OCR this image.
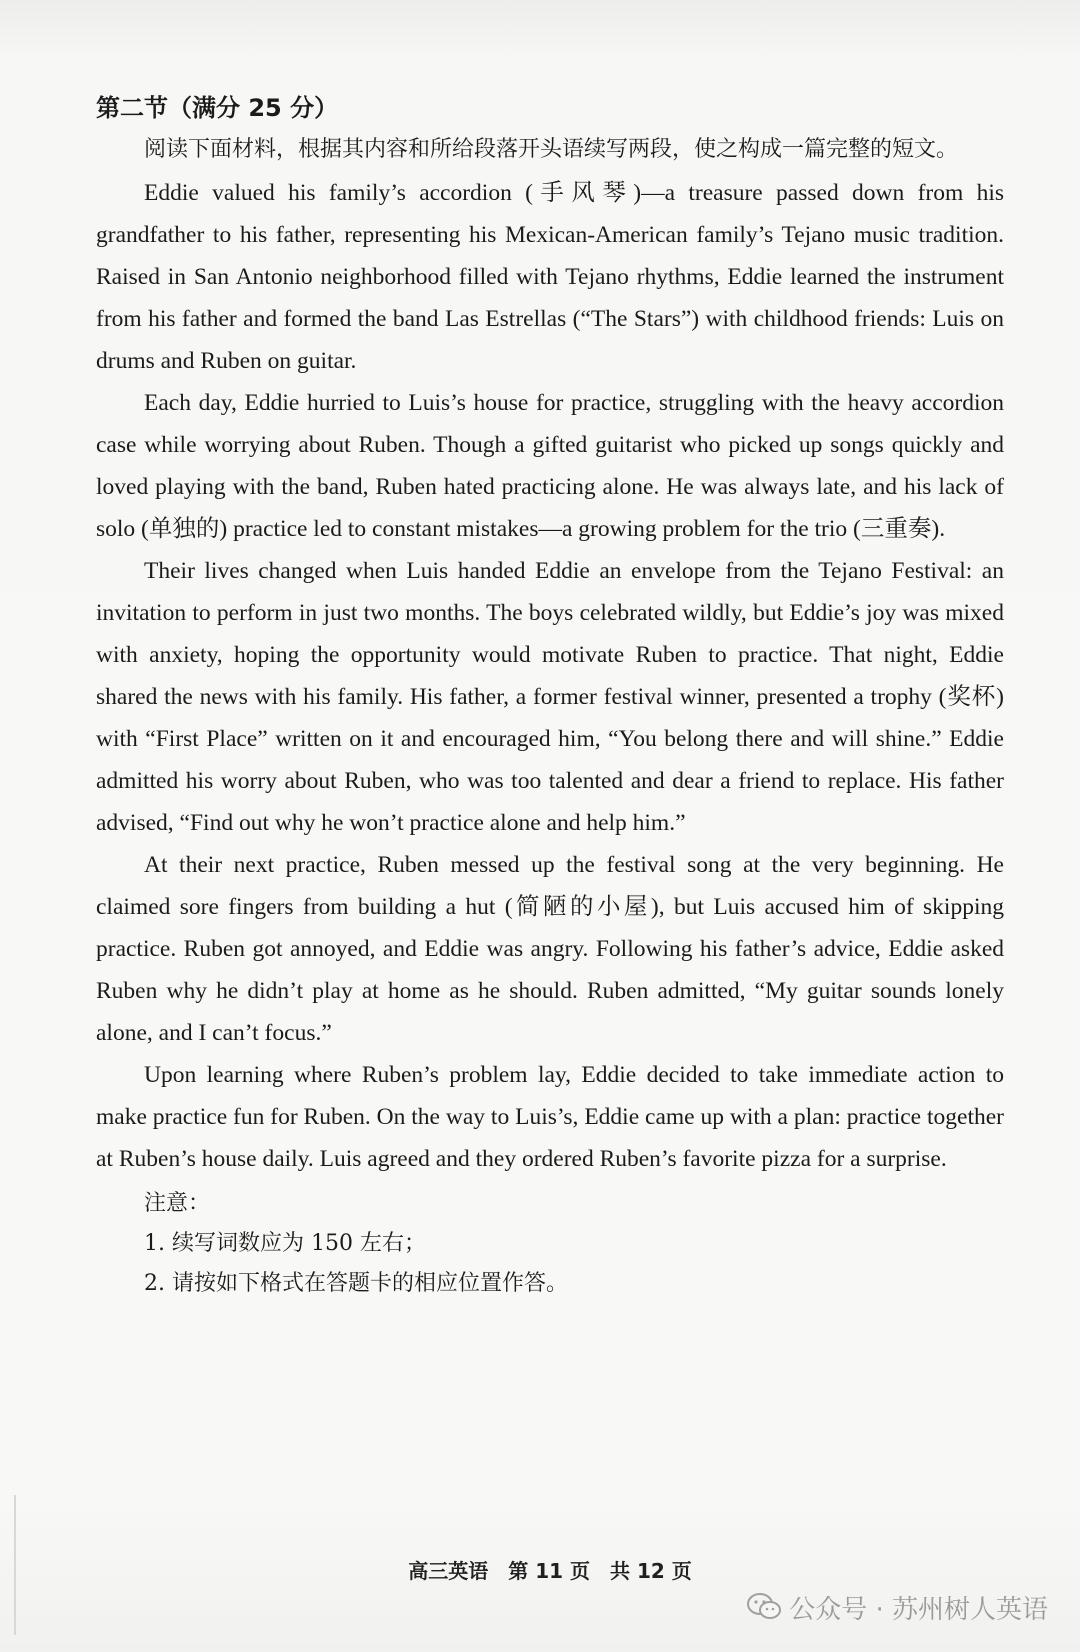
第二节（满分 25 分）

阅读下面材料，根据其内容和所给段落开头语续写两段，使之构成一篇完整的短文。

Eddie valued his family’s accordion (手风琴)—a treasure passed down from his grandfather to his father, representing his Mexican-American family’s Tejano music tradition. Raised in San Antonio neighborhood filled with Tejano rhythms, Eddie learned the instrument from his father and formed the band Las Estrellas (“The Stars”) with childhood friends: Luis on drums and Ruben on guitar.

Each day, Eddie hurried to Luis’s house for practice, struggling with the heavy accordion case while worrying about Ruben. Though a gifted guitarist who picked up songs quickly and loved playing with the band, Ruben hated practicing alone. He was always late, and his lack of solo (单独的) practice led to constant mistakes—a growing problem for the trio (三重奏).

Their lives changed when Luis handed Eddie an envelope from the Tejano Festival: an invitation to perform in just two months. The boys celebrated wildly, but Eddie’s joy was mixed with anxiety, hoping the opportunity would motivate Ruben to practice. That night, Eddie shared the news with his family. His father, a former festival winner, presented a trophy (奖杯) with “First Place” written on it and encouraged him, “You belong there and will shine.” Eddie admitted his worry about Ruben, who was too talented and dear a friend to replace. His father advised, “Find out why he won’t practice alone and help him.”

At their next practice, Ruben messed up the festival song at the very beginning. He claimed sore fingers from building a hut (简陋的小屋), but Luis accused him of skipping practice. Ruben got annoyed, and Eddie was angry. Following his father’s advice, Eddie asked Ruben why he didn’t play at home as he should. Ruben admitted, “My guitar sounds lonely alone, and I can’t focus.”

Upon learning where Ruben’s problem lay, Eddie decided to take immediate action to make practice fun for Ruben. On the way to Luis’s, Eddie came up with a plan: practice together at Ruben’s house daily. Luis agreed and they ordered Ruben’s favorite pizza for a surprise.

注意：
1. 续写词数应为 150 左右；
2. 请按如下格式在答题卡的相应位置作答。
高三英语　第 11 页　共 12 页
公众号 · 苏州树人英语
